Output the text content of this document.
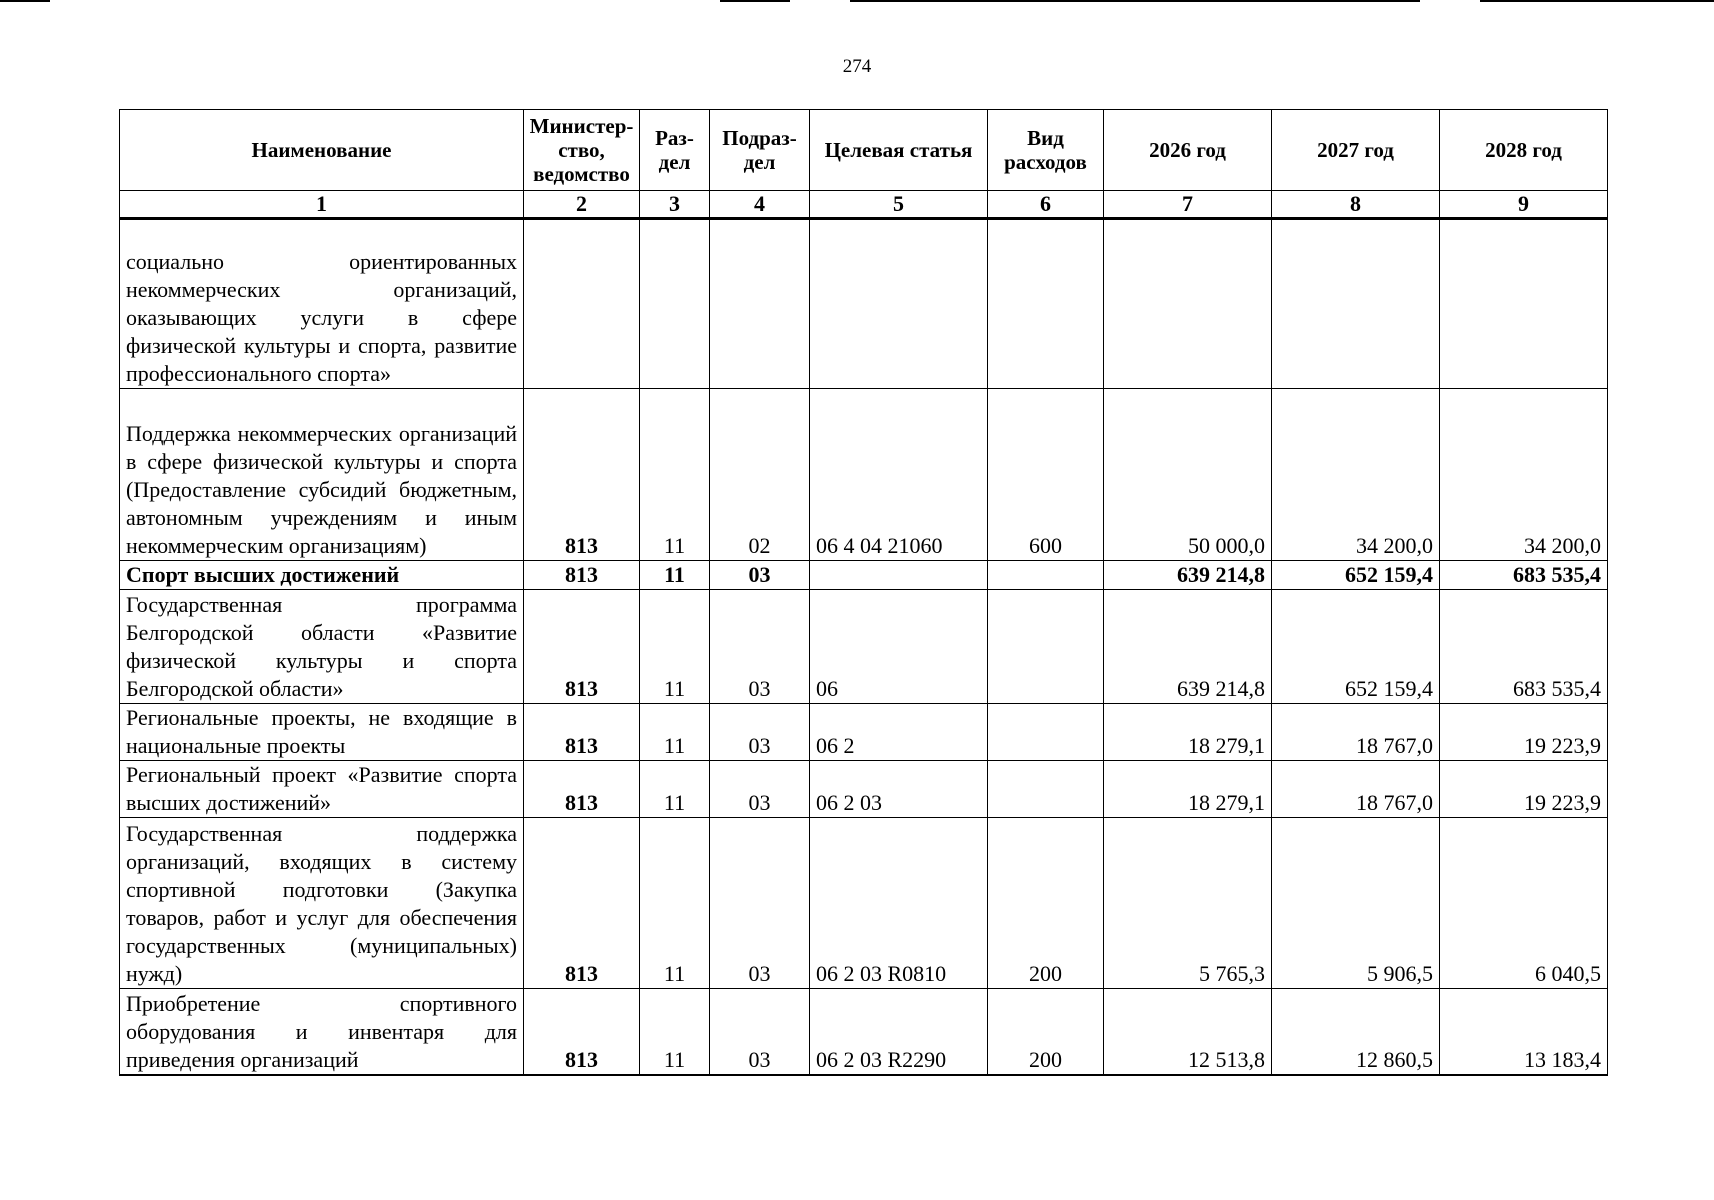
274
Наименование	Министер-ство, ведомство	Раз-дел	Подраз-дел	Целевая статья	Вид расходов	2026 год	2027 год	2028 год
1	2	3	4	5	6	7	8	9
социально ориентированных некоммерческих организаций, оказывающих услуги в сфере физической культуры и спорта, развитие профессионального спорта»								
Поддержка некоммерческих организаций в сфере физической культуры и спорта (Предоставление субсидий бюджетным, автономным учреждениям и иным некоммерческим организациям)	813	11	02	06 4 04 21060	600	50 000,0	34 200,0	34 200,0
Спорт высших достижений	813	11	03			639 214,8	652 159,4	683 535,4
Государственная программа Белгородской области «Развитие физической культуры и спорта Белгородской области»	813	11	03	06		639 214,8	652 159,4	683 535,4
Региональные проекты, не входящие в национальные проекты	813	11	03	06 2		18 279,1	18 767,0	19 223,9
Региональный проект «Развитие спорта высших достижений»	813	11	03	06 2 03		18 279,1	18 767,0	19 223,9
Государственная поддержка организаций, входящих в систему спортивной подготовки (Закупка товаров, работ и услуг для обеспечения государственных (муниципальных) нужд)	813	11	03	06 2 03 R0810	200	5 765,3	5 906,5	6 040,5
Приобретение спортивного оборудования и инвентаря для приведения организаций	813	11	03	06 2 03 R2290	200	12 513,8	12 860,5	13 183,4
